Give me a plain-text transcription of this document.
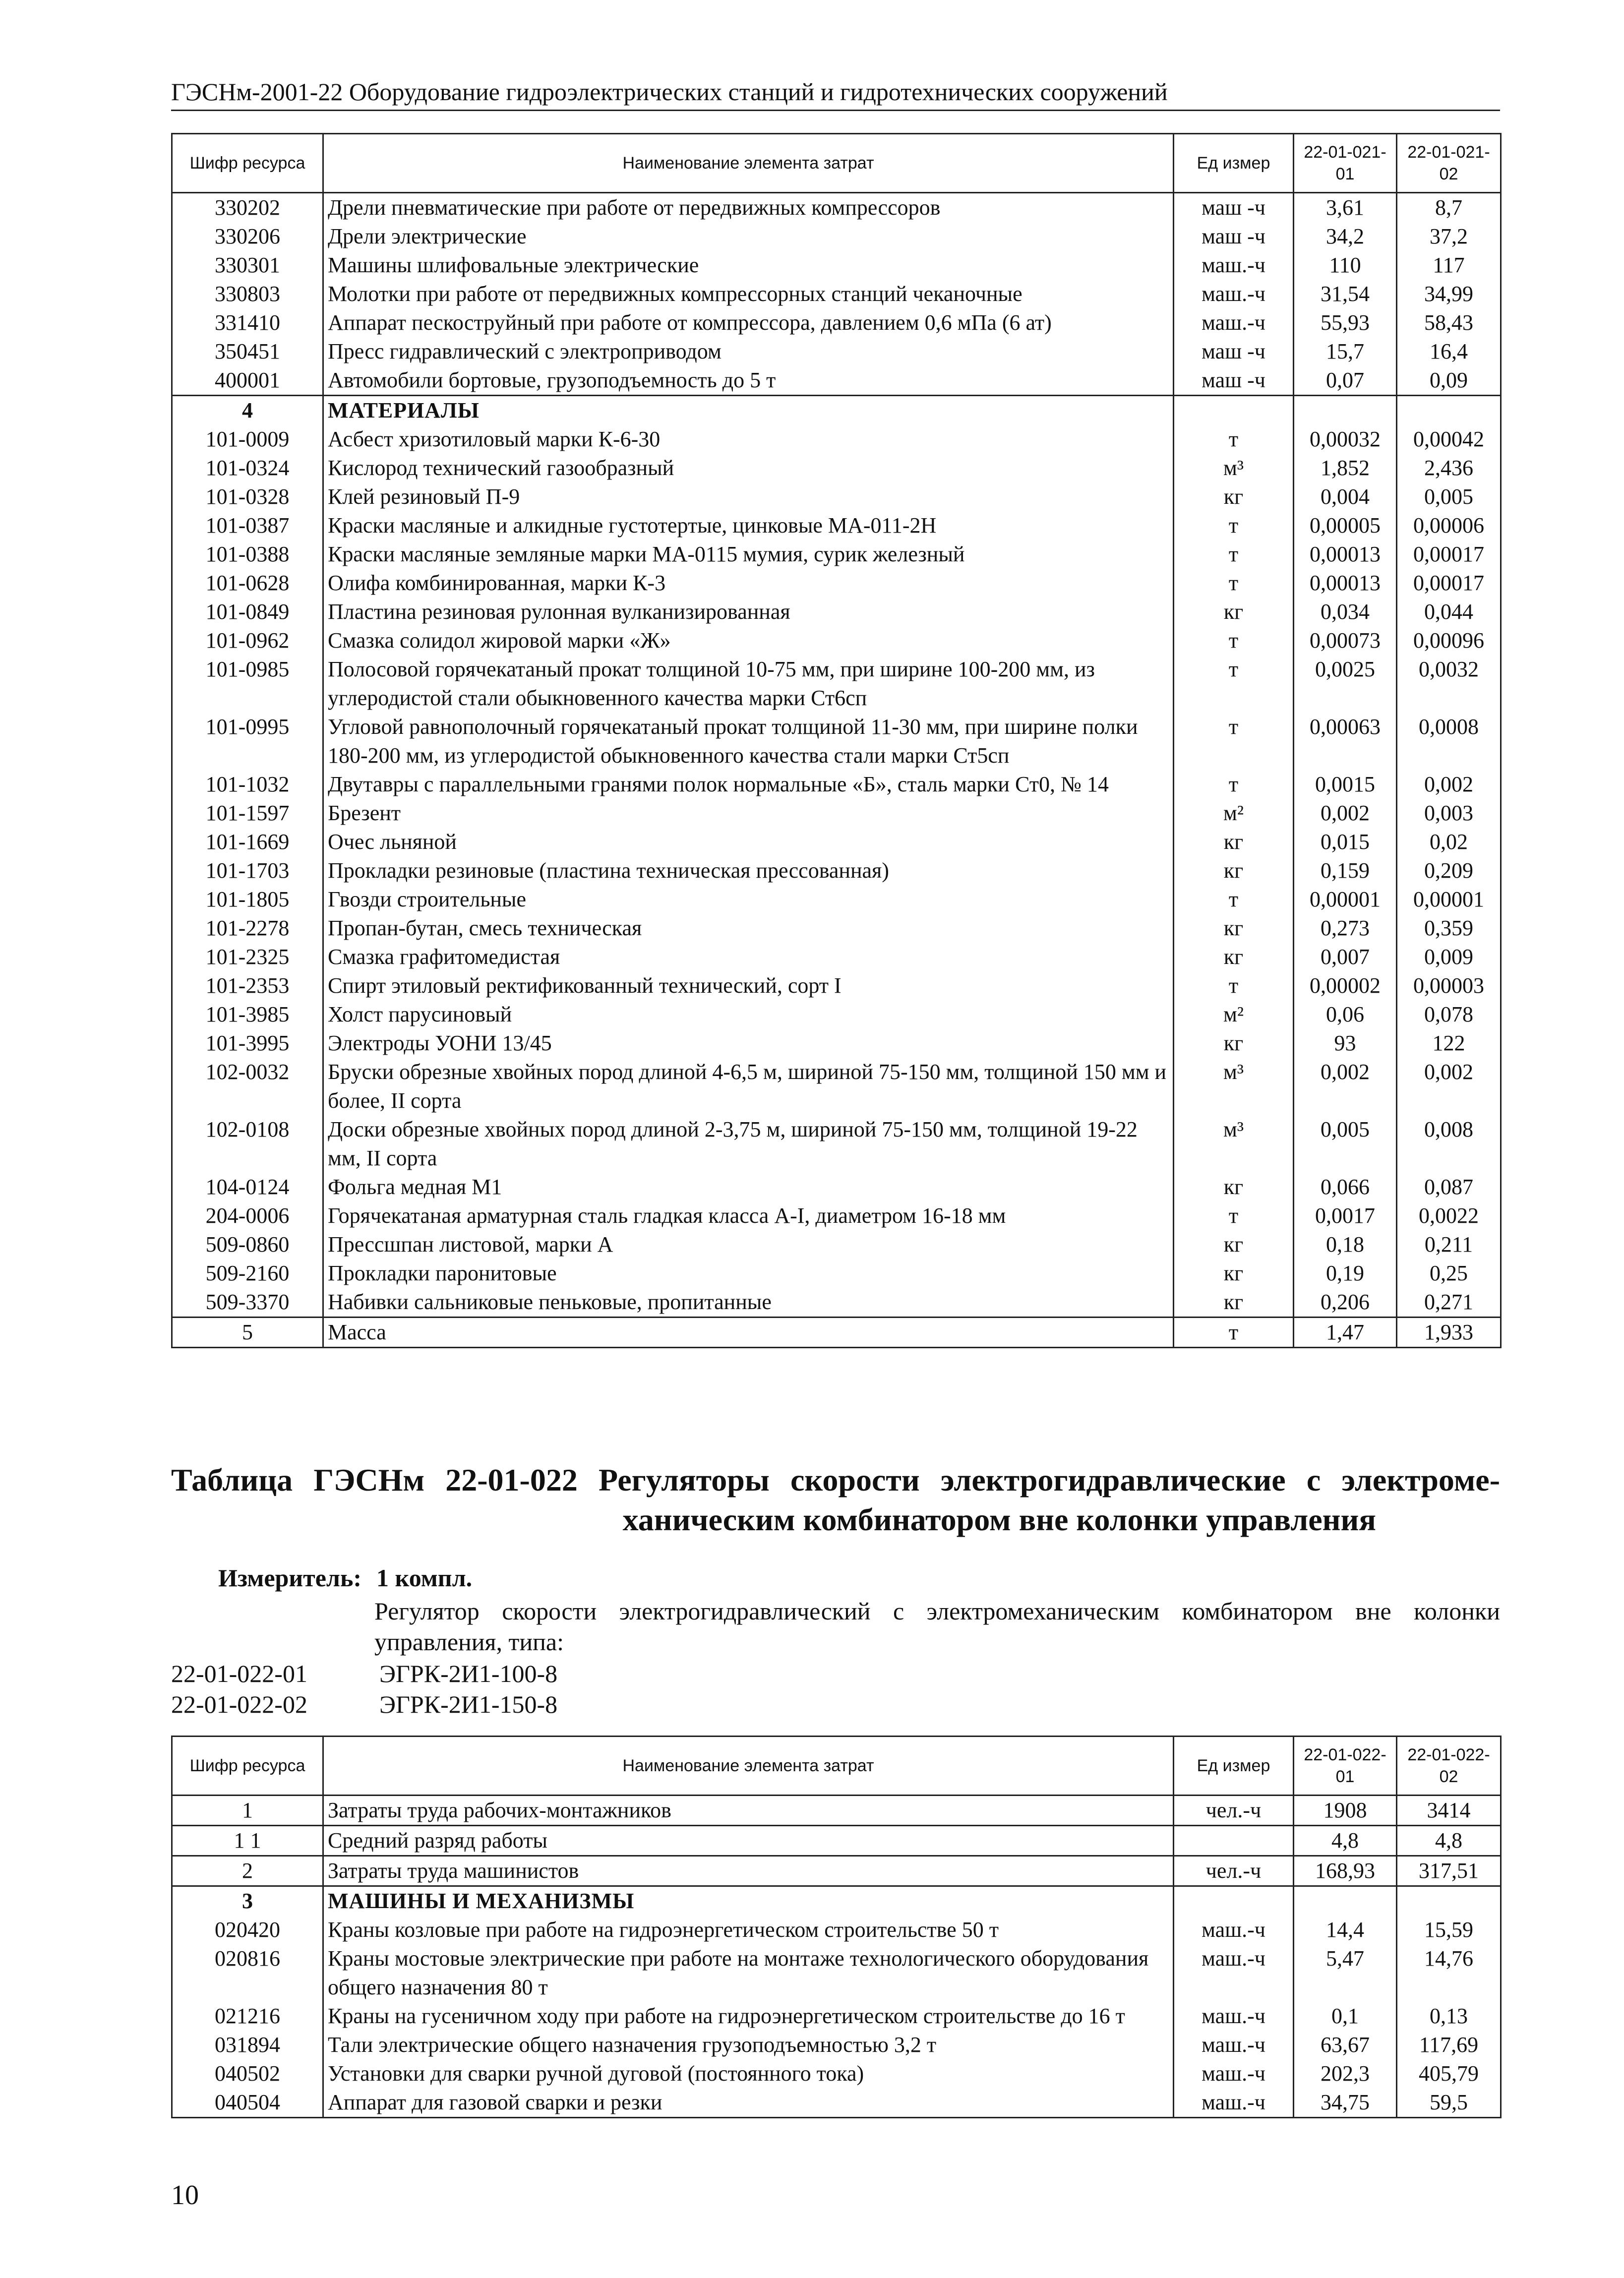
ГЭСНм-2001-22 Оборудование гидроэлектрических станций и гидротехнических сооружений
Шифр ресурса	Наименование элемента затрат	Ед измер	22-01-021-01	22-01-021-02
330202	Дрели пневматические при работе от передвижных компрессоров	маш -ч	3,61	8,7
330206	Дрели электрические	маш -ч	34,2	37,2
330301	Машины шлифовальные электрические	маш.-ч	110	117
330803	Молотки при работе от передвижных компрессорных станций чеканочные	маш.-ч	31,54	34,99
331410	Аппарат пескоструйный при работе от компрессора, давлением 0,6 мПа (6 ат)	маш.-ч	55,93	58,43
350451	Пресс гидравлический с электроприводом	маш -ч	15,7	16,4
400001	Автомобили бортовые, грузоподъемность до 5 т	маш -ч	0,07	0,09
4	МАТЕРИАЛЫ			
101-0009	Асбест хризотиловый марки К-6-30	т	0,00032	0,00042
101-0324	Кислород технический газообразный	м³	1,852	2,436
101-0328	Клей резиновый П-9	кг	0,004	0,005
101-0387	Краски масляные и алкидные густотертые, цинковые МА-011-2Н	т	0,00005	0,00006
101-0388	Краски масляные земляные марки МА-0115 мумия, сурик железный	т	0,00013	0,00017
101-0628	Олифа комбинированная, марки К-3	т	0,00013	0,00017
101-0849	Пластина резиновая рулонная вулканизированная	кг	0,034	0,044
101-0962	Смазка солидол жировой марки «Ж»	т	0,00073	0,00096
101-0985	Полосовой горячекатаный прокат толщиной 10-75 мм, при ширине 100-200 мм, из углеродистой стали обыкновенного качества марки Ст6сп	т	0,0025	0,0032
101-0995	Угловой равнополочный горячекатаный прокат толщиной 11-30 мм, при ширине полки 180-200 мм, из углеродистой обыкновенного качества стали марки Ст5сп	т	0,00063	0,0008
101-1032	Двутавры с параллельными гранями полок нормальные «Б», сталь марки Ст0, № 14	т	0,0015	0,002
101-1597	Брезент	м²	0,002	0,003
101-1669	Очес льняной	кг	0,015	0,02
101-1703	Прокладки резиновые (пластина техническая прессованная)	кг	0,159	0,209
101-1805	Гвозди строительные	т	0,00001	0,00001
101-2278	Пропан-бутан, смесь техническая	кг	0,273	0,359
101-2325	Смазка графитомедистая	кг	0,007	0,009
101-2353	Спирт этиловый ректификованный технический, сорт I	т	0,00002	0,00003
101-3985	Холст парусиновый	м²	0,06	0,078
101-3995	Электроды УОНИ 13/45	кг	93	122
102-0032	Бруски обрезные хвойных пород длиной 4-6,5 м, шириной 75-150 мм, толщиной 150 мм и более, II сорта	м³	0,002	0,002
102-0108	Доски обрезные хвойных пород длиной 2-3,75 м, шириной 75-150 мм, толщиной 19-22 мм, II сорта	м³	0,005	0,008
104-0124	Фольга медная М1	кг	0,066	0,087
204-0006	Горячекатаная арматурная сталь гладкая класса А-I, диаметром 16-18 мм	т	0,0017	0,0022
509-0860	Прессшпан листовой, марки А	кг	0,18	0,211
509-2160	Прокладки паронитовые	кг	0,19	0,25
509-3370	Набивки сальниковые пеньковые, пропитанные	кг	0,206	0,271
5	Масса	т	1,47	1,933
Таблица ГЭСНм 22-01-022 Регуляторы скорости электрогидравлические с электроме-
ханическим комбинатором вне колонки управления
Измеритель: 1 компл.
Регулятор скорости электрогидравлический с электромеханическим комбинатором вне колонки управления, типа:
22-01-022-01	ЭГРК-2И1-100-8
22-01-022-02	ЭГРК-2И1-150-8
Шифр ресурса	Наименование элемента затрат	Ед измер	22-01-022-01	22-01-022-02
1	Затраты труда рабочих-монтажников	чел.-ч	1908	3414
1 1	Средний разряд работы		4,8	4,8
2	Затраты труда машинистов	чел.-ч	168,93	317,51
3	МАШИНЫ И МЕХАНИЗМЫ			
020420	Краны козловые при работе на гидроэнергетическом строительстве 50 т	маш.-ч	14,4	15,59
020816	Краны мостовые электрические при работе на монтаже технологического оборудования общего назначения 80 т	маш.-ч	5,47	14,76
021216	Краны на гусеничном ходу при работе на гидроэнергетическом строительстве до 16 т	маш.-ч	0,1	0,13
031894	Тали электрические общего назначения грузоподъемностью 3,2 т	маш.-ч	63,67	117,69
040502	Установки для сварки ручной дуговой (постоянного тока)	маш.-ч	202,3	405,79
040504	Аппарат для газовой сварки и резки	маш.-ч	34,75	59,5
10
